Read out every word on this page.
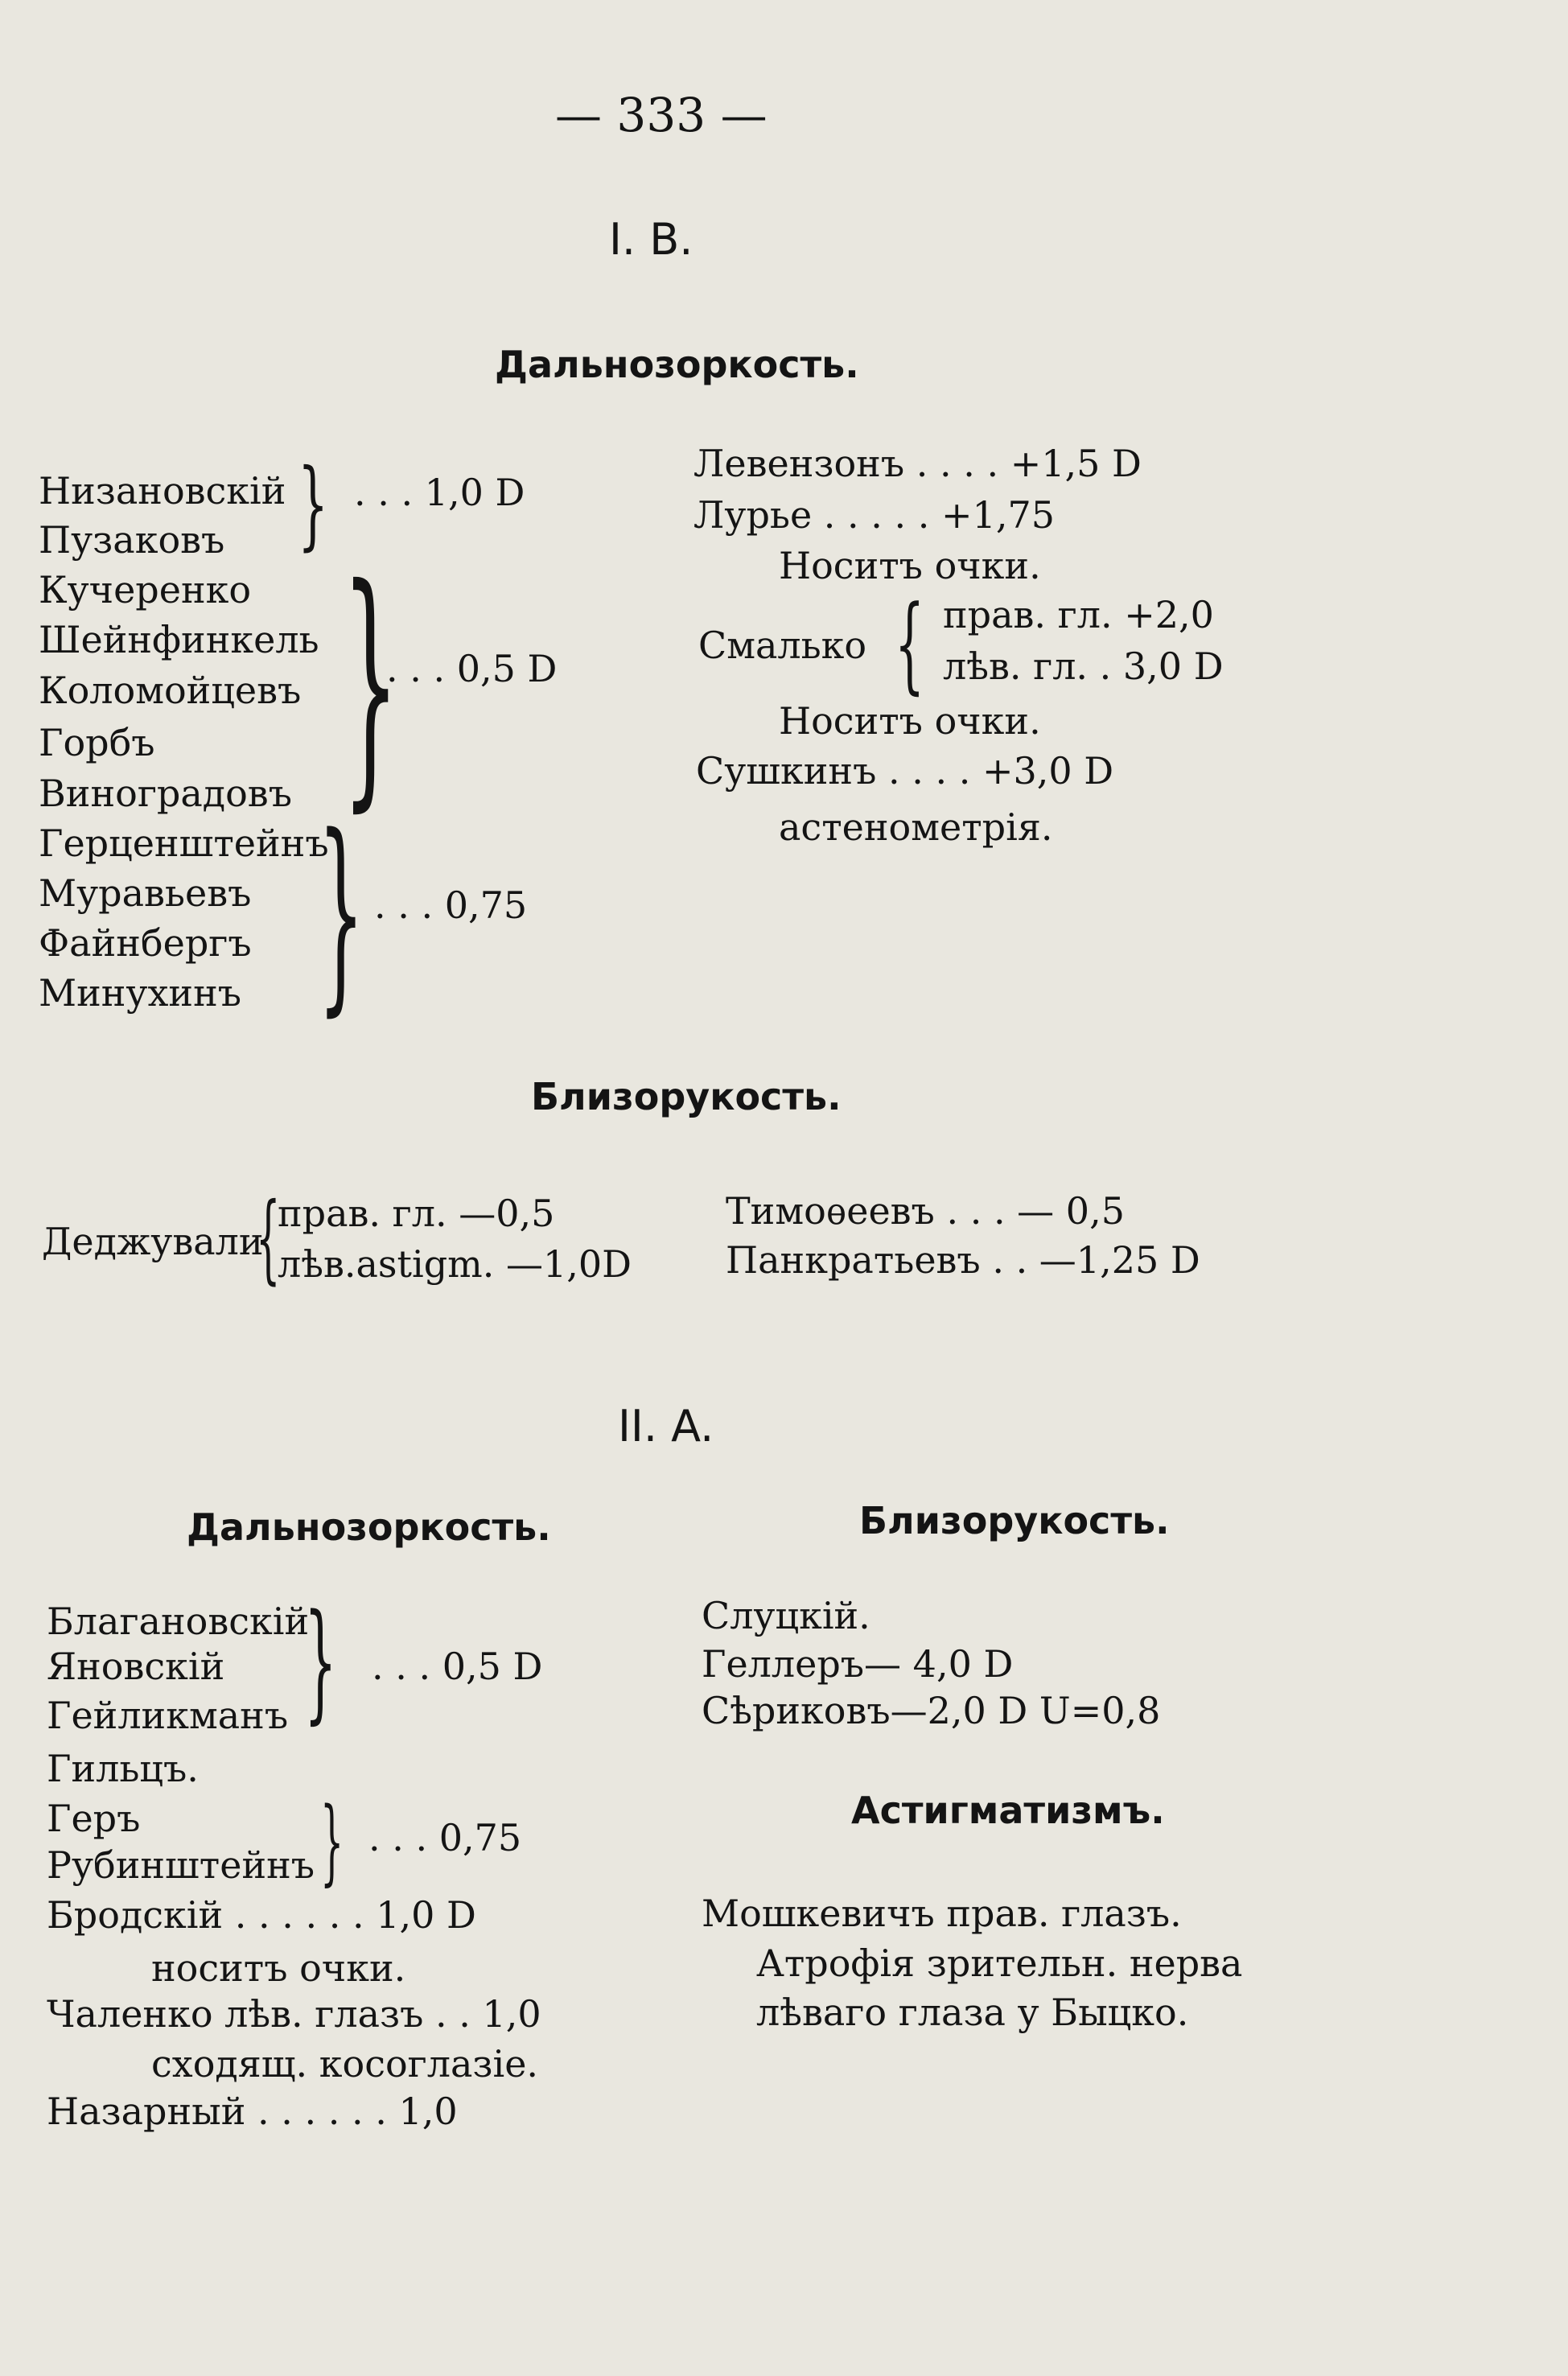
— 333 —
I. B.
Дальнозоркость.
Низановскій
Пузаковъ } . . . 1,0 D
Кучеренко
Шейнфинкель
Коломойцевъ
Горбъ
Виноградовъ }
. . . 0,5 D
Герценштейнъ
Муравьевъ
Файнбергъ
Минухинъ } . . . 0,75
Левензонъ . . . . +1,5 D
Лурье . . . . . +1,75
Носитъ очки.
Смалько { прав. гл. +2,0
лѣв. гл. . 3,0 D
Носитъ очки.
Сушкинъ . . . . +3,0 D
астенометрія.
Близорукость.
Деджували
{
прав. гл. —0,5
лѣв.astigm. —1,0D
Тимоѳеевъ . . . — 0,5
Панкратьевъ . . —1,25 D
II. A.
Дальнозоркость.	Близорукость.
Благановскій
Яновскій
Гейликманъ } . . . 0,5 D
Гильцъ.
Геръ
Рубинштейнъ } . . . 0,75
Бродскій . . . . . . 1,0 D
носитъ очки.
Чаленко лѣв. глазъ . . 1,0
сходящ. косоглазіе.
Назарный . . . . . . 1,0
Слуцкій.
Геллеръ— 4,0 D
Сѣриковъ—2,0 D U=0,8
Астигматизмъ.
Мошкевичъ прав. глазъ.
Атрофія зрительн. нерва
лѣваго глаза у Быцко.
